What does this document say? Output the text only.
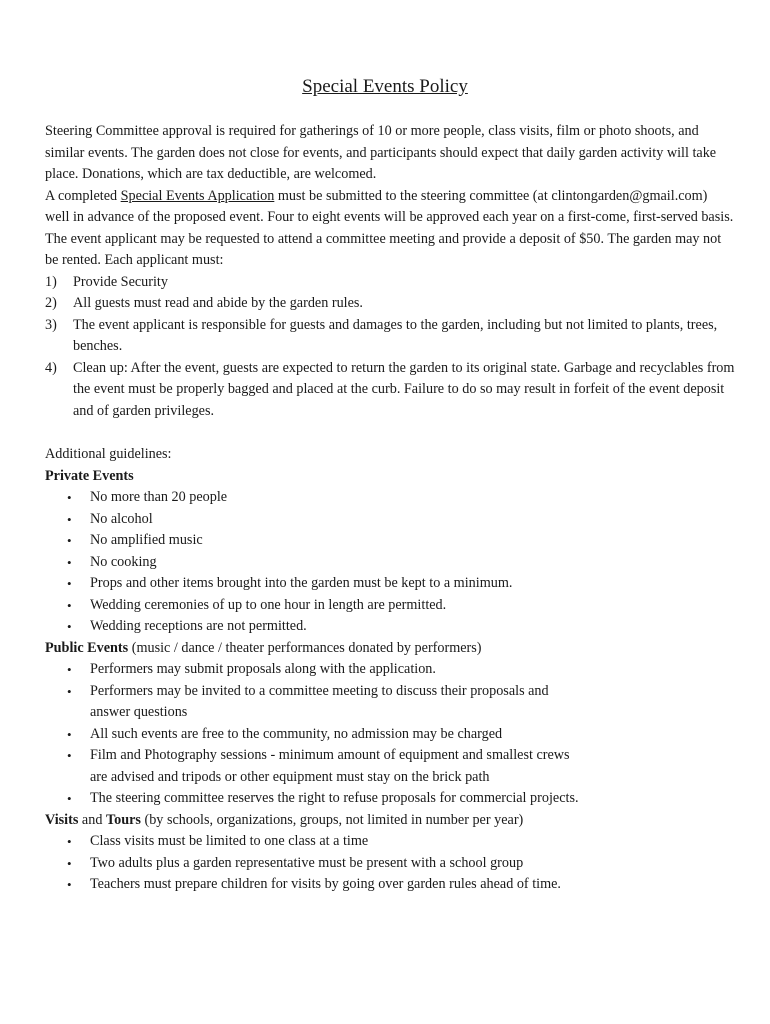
Special Events Policy

Steering Committee approval is required for gatherings of 10 or more people, class visits, film or photo shoots, and similar events. The garden does not close for events, and participants should expect that daily garden activity will take place. Donations, which are tax deductible, are welcomed.

A completed Special Events Application must be submitted to the steering committee (at clintongarden@gmail.com) well in advance of the proposed event. Four to eight events will be approved each year on a first-come, first-served basis. The event applicant may be requested to attend a committee meeting and provide a deposit of $50. The garden may not be rented. Each applicant must:

1)	Provide Security
2)	All guests must read and abide by the garden rules.
3)	The event applicant is responsible for guests and damages to the garden, including but not limited to plants, trees, benches.
4)	Clean up: After the event, guests are expected to return the garden to its original state. Garbage and recyclables from the event must be properly bagged and placed at the curb. Failure to do so may result in forfeit of the event deposit and of garden privileges.
Additional guidelines:
Private Events
• No more than 20 people
• No alcohol
• No amplified music
• No cooking
• Props and other items brought into the garden must be kept to a minimum.
• Wedding ceremonies of up to one hour in length are permitted.
• Wedding receptions are not permitted.
Public Events (music / dance / theater performances donated by performers)
• Performers may submit proposals along with the application.
• Performers may be invited to a committee meeting to discuss their proposals and answer questions
• All such events are free to the community, no admission may be charged
• Film and Photography sessions - minimum amount of equipment and smallest crews are advised and tripods or other equipment must stay on the brick path
• The steering committee reserves the right to refuse proposals for commercial projects.
Visits and Tours (by schools, organizations, groups, not limited in number per year)
• Class visits must be limited to one class at a time
• Two adults plus a garden representative must be present with a school group
• Teachers must prepare children for visits by going over garden rules ahead of time.
